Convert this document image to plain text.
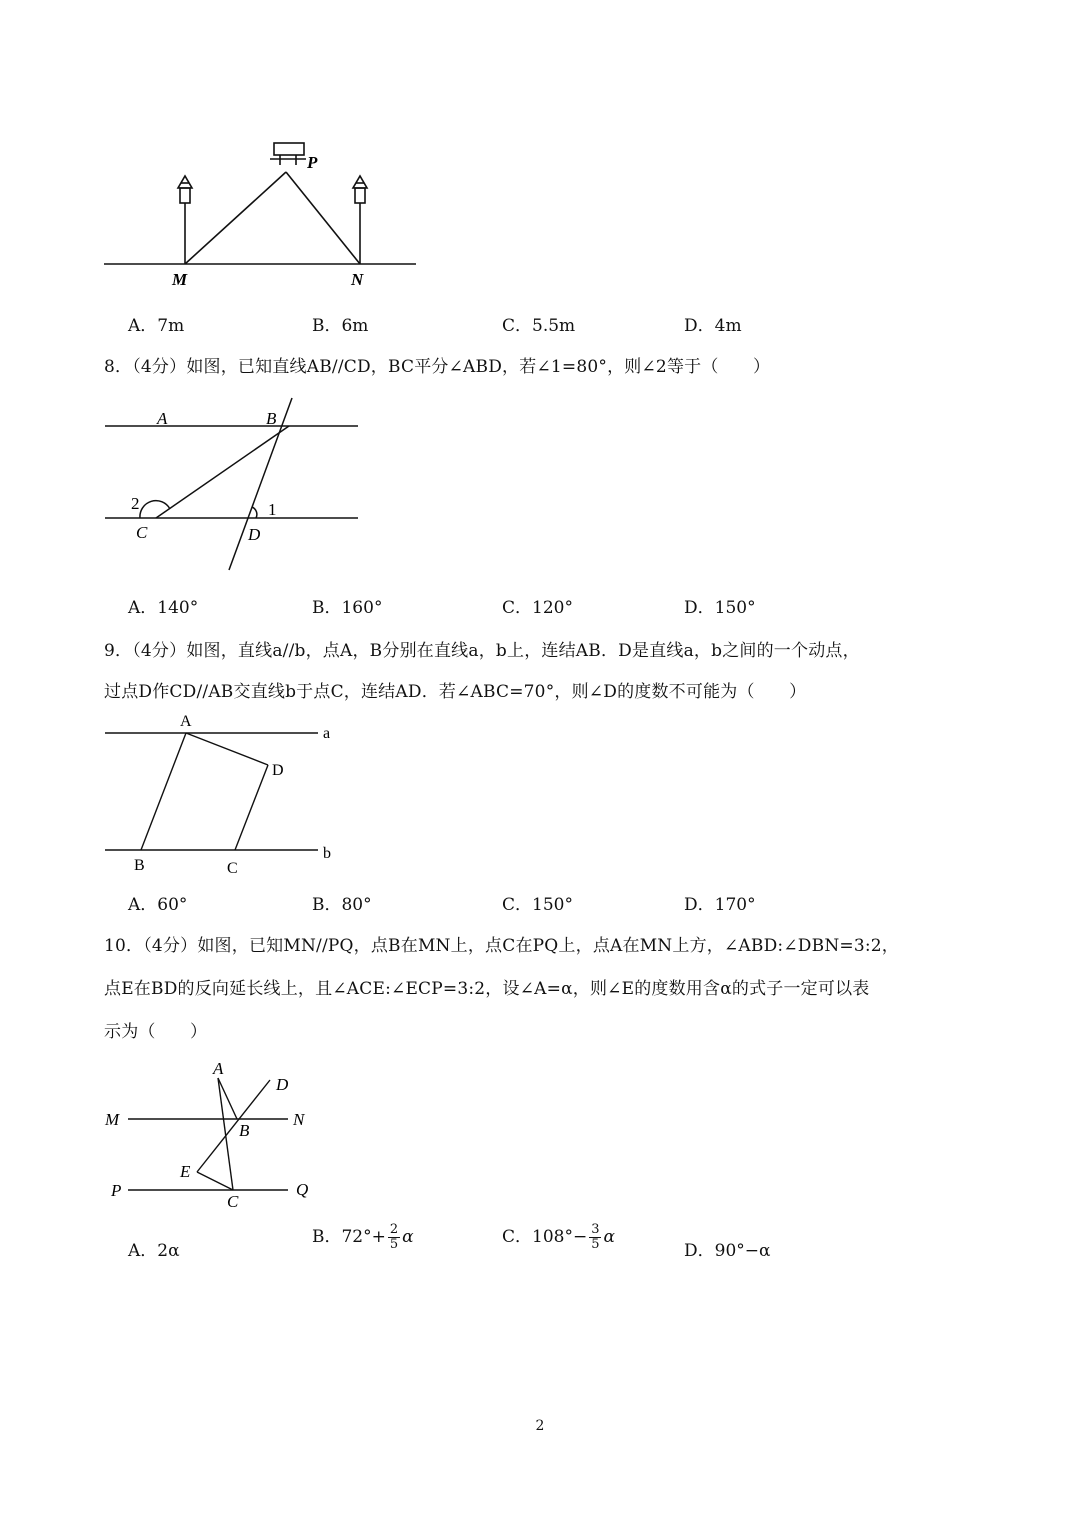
P
M	N
A．7m	B．6m	C．5.5m	D．4m
8．（4分）如图，已知直线AB//CD，BC平分∠ABD，若∠1=80°，则∠2等于（　　）
A	B
C	D
1
2
A．140°	B．160°	C．120°	D．150°
9．（4分）如图，直线a//b，点A，B分别在直线a，b上，连结AB．D是直线a，b之间的一个动点，
过点D作CD//AB交直线b于点C，连结AD．若∠ABC=70°，则∠D的度数不可能为（　　）
A
a
D
B	C
b
A．60°	B．80°	C．150°	D．170°
10．（4分）如图，已知MN//PQ，点B在MN上，点C在PQ上，点A在MN上方，∠ABD:∠DBN=3:2，
点E在BD的反向延长线上，且∠ACE:∠ECP=3:2，设∠A=α，则∠E的度数用含α的式子一定可以表
示为（　　）
A
D
M	N
B
E
P	Q
C
A．2α
B．$72^\circ+ \frac{2}{5}$ α	C．$108^\circ- \frac{3}{5}$ α
D．90°−α
2
